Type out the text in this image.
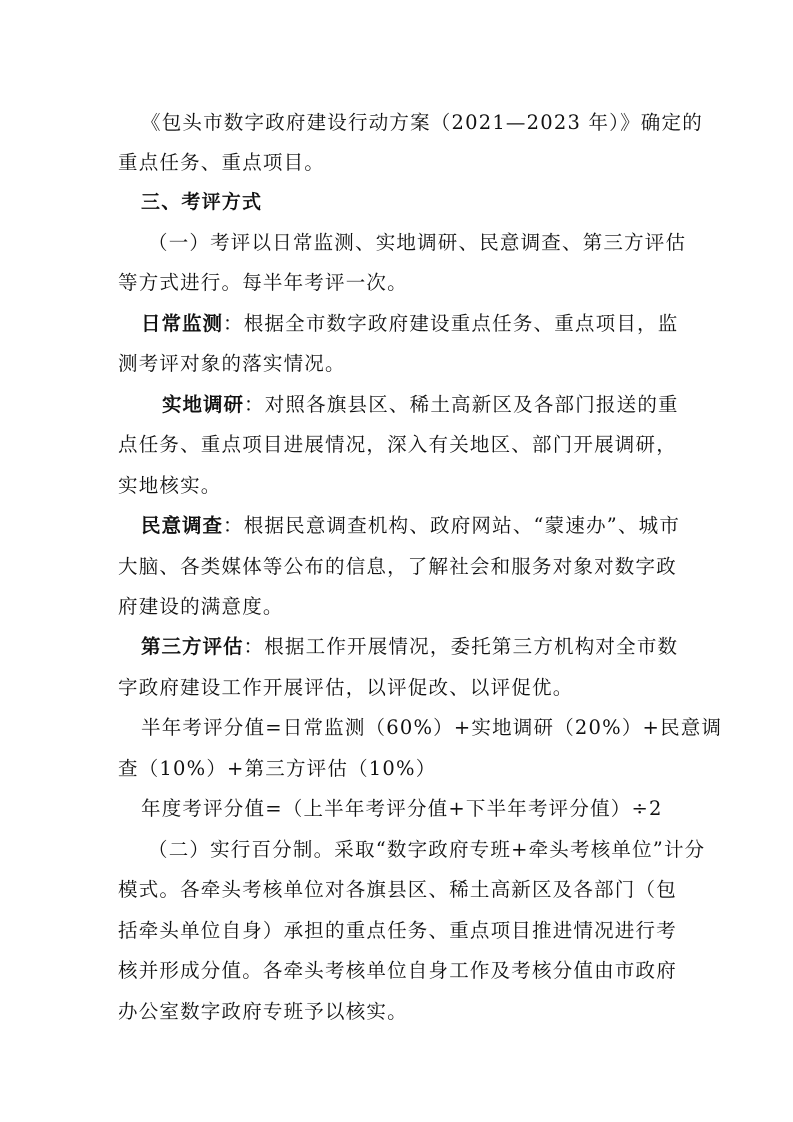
《包头市数字政府建设行动方案（2021—2023 年）》确定的
重点任务、重点项目。
三、考评方式
（一）考评以日常监测、实地调研、民意调查、第三方评估
等方式进行。每半年考评一次。
日常监测：根据全市数字政府建设重点任务、重点项目，监
测考评对象的落实情况。
实地调研：对照各旗县区、稀土高新区及各部门报送的重
点任务、重点项目进展情况，深入有关地区、部门开展调研，
实地核实。
民意调查：根据民意调查机构、政府网站、“蒙速办”、城市
大脑、各类媒体等公布的信息，了解社会和服务对象对数字政
府建设的满意度。
第三方评估：根据工作开展情况，委托第三方机构对全市数
字政府建设工作开展评估，以评促改、以评促优。
半年考评分值=日常监测（60%）+实地调研（20%）+民意调
查（10%）+第三方评估（10%）
年度考评分值=（上半年考评分值+下半年考评分值）÷2
（二）实行百分制。采取“数字政府专班+牵头考核单位”计分
模式。各牵头考核单位对各旗县区、稀土高新区及各部门（包
括牵头单位自身）承担的重点任务、重点项目推进情况进行考
核并形成分值。各牵头考核单位自身工作及考核分值由市政府
办公室数字政府专班予以核实。
